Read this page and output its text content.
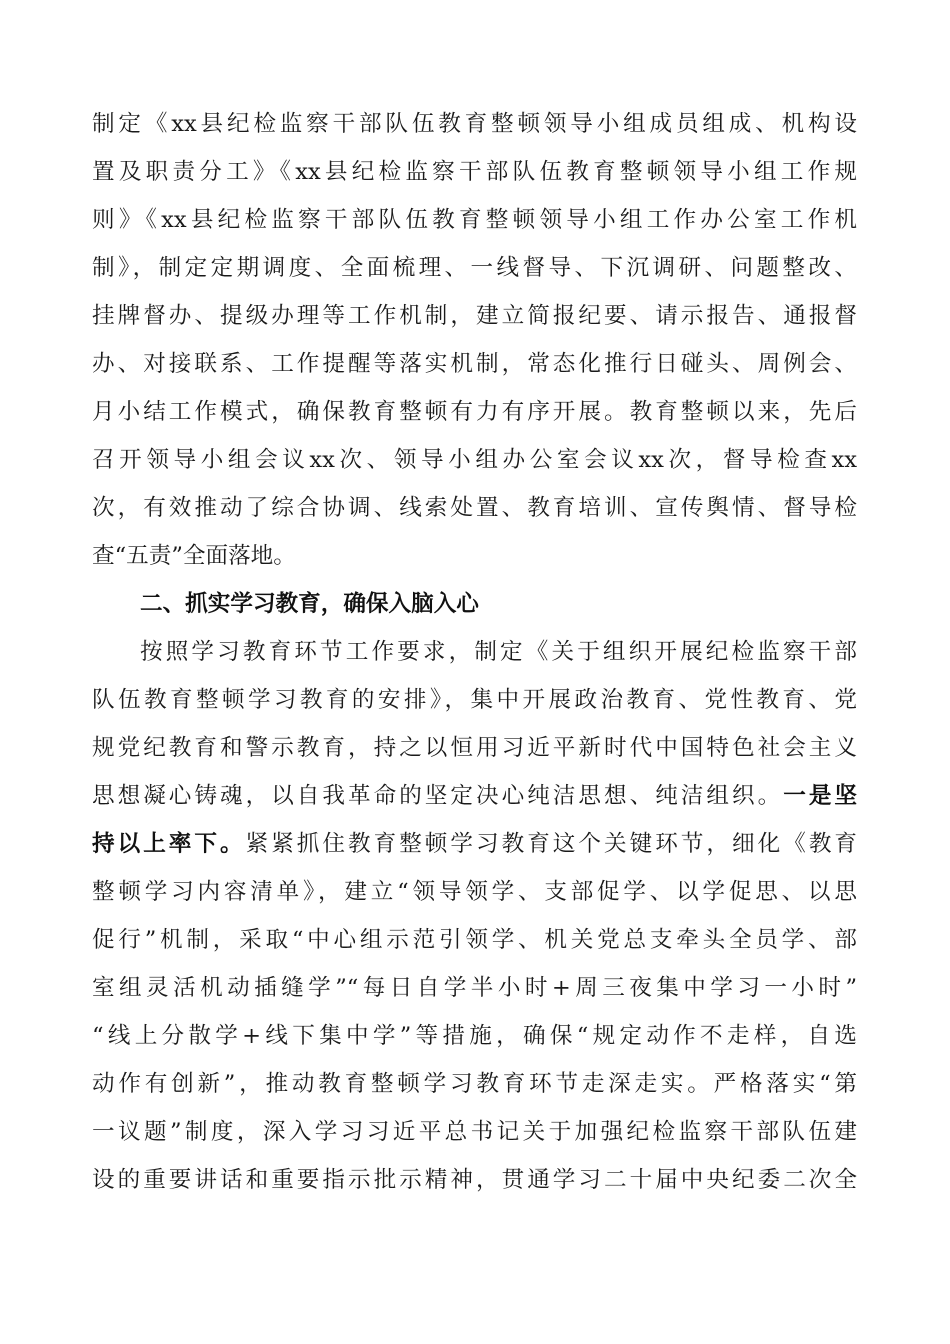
制定《xx县纪检监察干部队伍教育整顿领导小组成员组成、机构设
置及职责分工》《xx县纪检监察干部队伍教育整顿领导小组工作规
则》《xx县纪检监察干部队伍教育整顿领导小组工作办公室工作机
制》，制定定期调度、全面梳理、一线督导、下沉调研、问题整改、
挂牌督办、提级办理等工作机制，建立简报纪要、请示报告、通报督
办、对接联系、工作提醒等落实机制，常态化推行日碰头、周例会、
月小结工作模式，确保教育整顿有力有序开展。教育整顿以来，先后
召开领导小组会议xx次、领导小组办公室会议xx次，督导检查xx
次，有效推动了综合协调、线索处置、教育培训、宣传舆情、督导检
查“五责”全面落地。
二、抓实学习教育，确保入脑入心
按照学习教育环节工作要求，制定《关于组织开展纪检监察干部
队伍教育整顿学习教育的安排》，集中开展政治教育、党性教育、党
规党纪教育和警示教育，持之以恒用习近平新时代中国特色社会主义
思想凝心铸魂，以自我革命的坚定决心纯洁思想、纯洁组织。一是坚
持以上率下。紧紧抓住教育整顿学习教育这个关键环节，细化《教育
整顿学习内容清单》，建立“领导领学、支部促学、以学促思、以思
促行”机制，采取“中心组示范引领学、机关党总支牵头全员学、部
室组灵活机动插缝学”“每日自学半小时+周三夜集中学习一小时”
“线上分散学+线下集中学”等措施，确保“规定动作不走样，自选
动作有创新”，推动教育整顿学习教育环节走深走实。严格落实“第
一议题”制度，深入学习习近平总书记关于加强纪检监察干部队伍建
设的重要讲话和重要指示批示精神，贯通学习二十届中央纪委二次全
